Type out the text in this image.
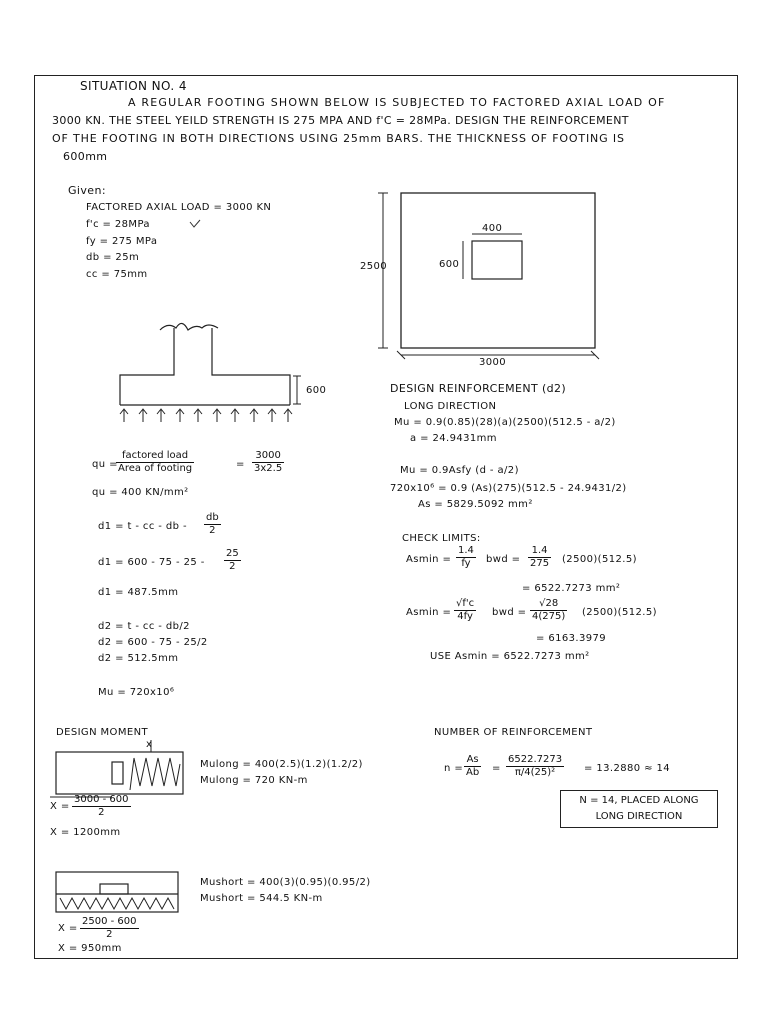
SITUATION NO. 4
A REGULAR FOOTING SHOWN BELOW IS SUBJECTED TO FACTORED AXIAL LOAD OF
3000 KN. THE STEEL YEILD STRENGTH IS 275 MPA AND f'C = 28MPa. DESIGN THE REINFORCEMENT
OF THE FOOTING IN BOTH DIRECTIONS USING 25mm BARS. THE THICKNESS OF FOOTING IS
600mm
Given:
FACTORED AXIAL LOAD = 3000 KN
f'c = 28MPa
fy = 275 MPa
db = 25m
cc = 75mm
2500
3000
400
600
600
qu =
factored load
Area of footing	= $\frac{3000}{3x2.5}$
qu = 400 KN/mm²
d1 = t - cc - db - $\frac{db}{2}$
$d1 = 600 - 75 - 25 - \frac{25}{2}$
d1 = 487.5mm
d2 = t - cc - db/2
d2 = 600 - 75 - 25/2
d2 = 512.5mm
Mu = 720x10⁶
DESIGN REINFORCEMENT (d2)
LONG DIRECTION
Mu = 0.9(0.85)(28)(a)(2500)(512.5 - a/2)
a = 24.9431mm
Mu = 0.9Asfy (d - a/2)
720x10⁶ = 0.9 (As)(275)(512.5 - 24.9431/2)
As = 5829.5092 mm²
CHECK LIMITS:
$Asmin = \frac{1.4}{fy}$ bwd = $\frac{1.4}{275} (2500)(512.5)$
= 6522.7273 mm²
$Asmin = \frac{√f'c}{4fy}$ bwd = $\frac{√28}{4(275)} (2500)(512.5)$
= 6163.3979
USE Asmin = 6522.7273 mm²
DESIGN MOMENT
x
Mulong = 400(2.5)(1.2)(1.2/2)
Mulong = 720 KN-m
$X = \frac{3000 - 600}{2}$
X = 1200mm
Mushort = 400(3)(0.95)(0.95/2)
Mushort = 544.5 KN-m
$X = \frac{2500 - 600}{2}$
X = 950mm
NUMBER OF REINFORCEMENT
$n = \frac{As}{Ab} = \frac{6522.7273}{\text{π/4(25)²}} = 13.2880 \approx 14$
N = 14, PLACED ALONG
LONG DIRECTION
